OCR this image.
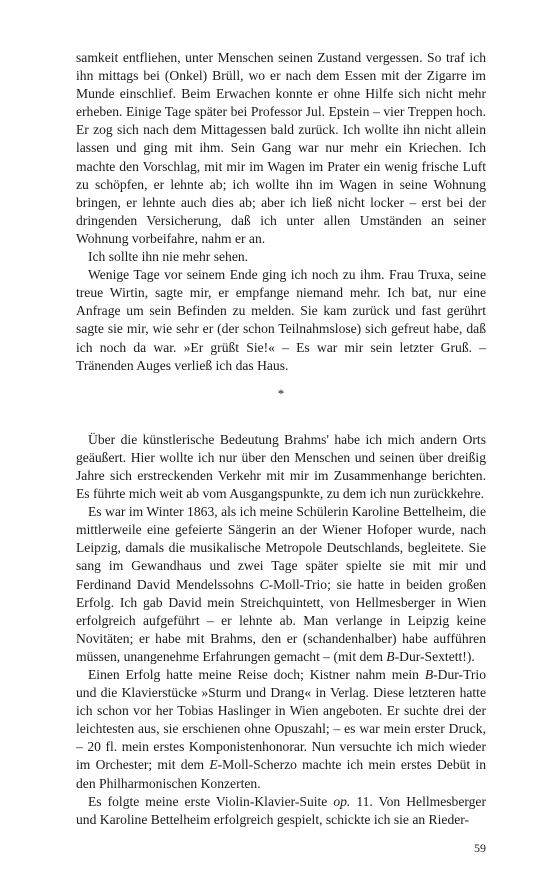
samkeit entfliehen, unter Menschen seinen Zustand vergessen. So traf ich ihn mittags bei (Onkel) Brüll, wo er nach dem Essen mit der Zigarre im Munde einschlief. Beim Erwachen konnte er ohne Hilfe sich nicht mehr erheben. Einige Tage später bei Professor Jul. Epstein – vier Treppen hoch. Er zog sich nach dem Mittagessen bald zurück. Ich wollte ihn nicht allein lassen und ging mit ihm. Sein Gang war nur mehr ein Kriechen. Ich machte den Vorschlag, mit mir im Wagen im Prater ein wenig frische Luft zu schöpfen, er lehnte ab; ich wollte ihn im Wagen in seine Wohnung bringen, er lehnte auch dies ab; aber ich ließ nicht locker – erst bei der dringenden Versicherung, daß ich unter allen Umständen an seiner Wohnung vorbeifahre, nahm er an.

Ich sollte ihn nie mehr sehen.

Wenige Tage vor seinem Ende ging ich noch zu ihm. Frau Truxa, seine treue Wirtin, sagte mir, er empfange niemand mehr. Ich bat, nur eine Anfrage um sein Befinden zu melden. Sie kam zurück und fast gerührt sagte sie mir, wie sehr er (der schon Teilnahmslose) sich gefreut habe, daß ich noch da war. »Er grüßt Sie!« – Es war mir sein letzter Gruß. – Tränenden Auges verließ ich das Haus.

*

Über die künstlerische Bedeutung Brahms' habe ich mich andern Orts geäußert. Hier wollte ich nur über den Menschen und seinen über dreißig Jahre sich erstreckenden Verkehr mit mir im Zusammenhange berichten. Es führte mich weit ab vom Ausgangspunkte, zu dem ich nun zurückkehre.

Es war im Winter 1863, als ich meine Schülerin Karoline Bettelheim, die mittlerweile eine gefeierte Sängerin an der Wiener Hofoper wurde, nach Leipzig, damals die musikalische Metropole Deutschlands, begleitete. Sie sang im Gewandhaus und zwei Tage später spielte sie mit mir und Ferdinand David Mendelssohns C-Moll-Trio; sie hatte in beiden großen Erfolg. Ich gab David mein Streichquintett, von Hellmesberger in Wien erfolgreich aufgeführt – er lehnte ab. Man verlange in Leipzig keine Novitäten; er habe mit Brahms, den er (schandenhalber) habe aufführen müssen, unangenehme Erfahrungen gemacht – (mit dem B-Dur-Sextett!).

Einen Erfolg hatte meine Reise doch; Kistner nahm mein B-Dur-Trio und die Klavierstücke »Sturm und Drang« in Verlag. Diese letzteren hatte ich schon vor her Tobias Haslinger in Wien angeboten. Er suchte drei der leichtesten aus, sie erschienen ohne Opuszahl; – es war mein erster Druck, – 20 fl. mein erstes Komponistenhonorar. Nun versuchte ich mich wieder im Orchester; mit dem E-Moll-Scherzo machte ich mein erstes Debüt in den Philharmonischen Konzerten.

Es folgte meine erste Violin-Klavier-Suite op. 11. Von Hellmesberger und Karoline Bettelheim erfolgreich gespielt, schickte ich sie an Rieder-

59
